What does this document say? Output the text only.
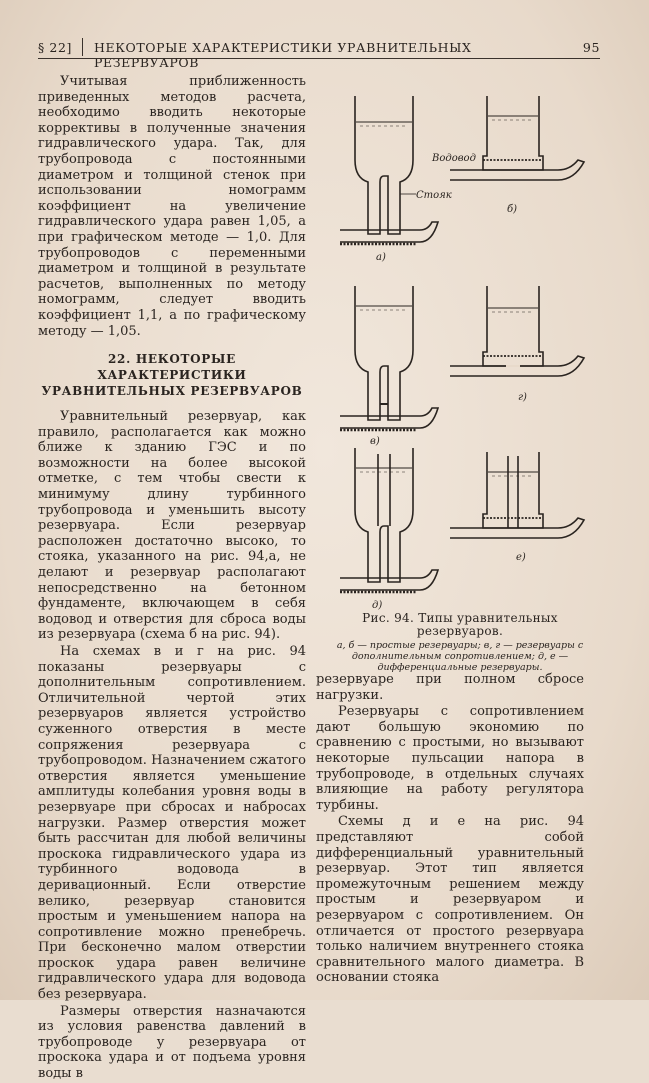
§ 22] НЕКОТОРЫЕ ХАРАКТЕРИСТИКИ УРАВНИТЕЛЬНЫХ РЕЗЕРВУАРОВ
95

Учитывая приближенность приведенных методов расчета, необходимо вводить некоторые коррективы в полученные значения гидравлического удара. Так, для трубопровода с постоянными диаметром и толщиной стенок при использовании номограмм коэффициент на увеличение гидравлического удара равен 1,05, а при графическом методе — 1,0. Для трубопроводов с переменными диаметром и толщиной в результате расчетов, выполненных по методу номограмм, следует вводить коэффициент 1,1, а по графическому методу — 1,05.

22. НЕКОТОРЫЕ ХАРАКТЕРИСТИКИ
УРАВНИТЕЛЬНЫХ РЕЗЕРВУАРОВ

Уравнительный резервуар, как правило, располагается как можно ближе к зданию ГЭС и по возможности на более высокой отметке, с тем чтобы свести к минимуму длину турбинного трубопровода и уменьшить высоту резервуара. Если резервуар расположен достаточно высоко, то стояка, указанного на рис. 94,а, не делают и резервуар располагают непосредственно на бетонном фундаменте, включающем в себя водовод и отверстия для сброса воды из резервуара (схема б на рис. 94).

На схемах в и г на рис. 94 показаны резервуары с дополнительным сопротивлением. Отличительной чертой этих резервуаров является устройство суженного отверстия в месте сопряжения резервуара с трубопроводом. Назначением сжатого отверстия является уменьшение амплитуды колебания уровня воды в резервуаре при сбросах и набросах нагрузки. Размер отверстия может быть рассчитан для любой величины проскока гидравлического удара из турбинного водовода в деривационный. Если отверстие велико, резервуар становится простым и уменьшением напора на сопротивление можно пренебречь. При бесконечно малом отверстии проскок удара равен величине гидравлического удара для водовода без резервуара.

Размеры отверстия назначаются из условия равенства давлений в трубопроводе у резервуара от проскока удара и от подъема уровня воды в

Стояк
а)
Водовод
б)
в)
г)
д)
е)
Рис. 94. Типы уравнительных резервуаров.
а, б — простые резервуары; в, г — резервуары с дополнительным сопротивлением; д, е — дифференциальные резервуары.

резервуаре при полном сбросе нагрузки.

Резервуары с сопротивлением дают большую экономию по сравнению с простыми, но вызывают некоторые пульсации напора в трубопроводе, в отдельных случаях влияющие на работу регулятора турбины.

Схемы д и е на рис. 94 представляют собой дифференциальный уравнительный резервуар. Этот тип является промежуточным решением между простым и резервуаром и резервуаром с сопротивлением. Он отличается от простого резервуара только наличием внутреннего стояка сравнительного малого диаметра. В основании стояка
